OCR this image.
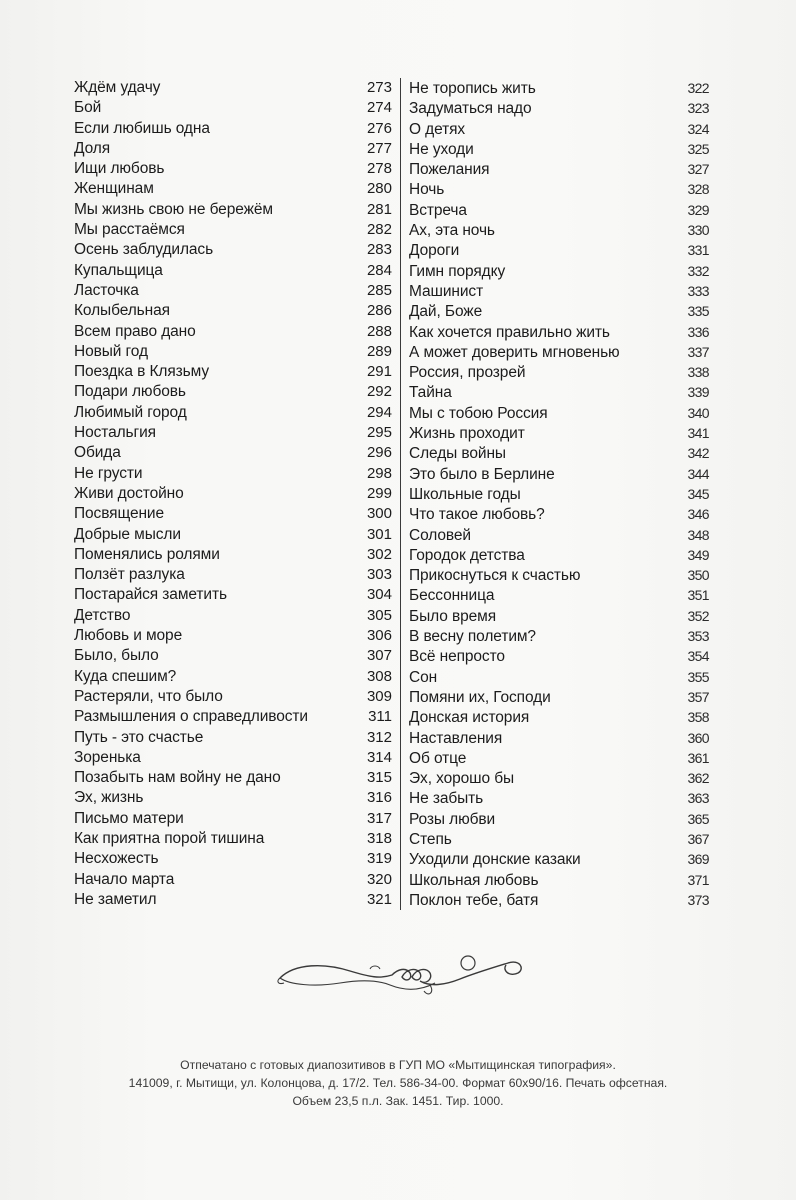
Ждём удачу	273
Бой	274
Если любишь одна	276
Доля	277
Ищи любовь	278
Женщинам	280
Мы жизнь свою не бережём	281
Мы расстаёмся	282
Осень заблудилась	283
Купальщица	284
Ласточка	285
Колыбельная	286
Всем право дано	288
Новый год	289
Поездка в Клязьму	291
Подари любовь	292
Любимый город	294
Ностальгия	295
Обида	296
Не грусти	298
Живи достойно	299
Посвящение	300
Добрые мысли	301
Поменялись ролями	302
Ползёт разлука	303
Постарайся заметить	304
Детство	305
Любовь и море	306
Было, было	307
Куда спешим?	308
Растеряли, что было	309
Размышления о справедливости	311
Путь - это счастье	312
Зоренька	314
Позабыть нам войну не дано	315
Эх, жизнь	316
Письмо матери	317
Как приятна порой тишина	318
Несхожесть	319
Начало марта	320
Не заметил	321
Не торопись жить	322
Задуматься надо	323
О детях	324
Не уходи	325
Пожелания	327
Ночь	328
Встреча	329
Ах, эта ночь	330
Дороги	331
Гимн порядку	332
Машинист	333
Дай, Боже	335
Как хочется правильно жить	336
А может доверить мгновенью	337
Россия, прозрей	338
Тайна	339
Мы с тобою Россия	340
Жизнь проходит	341
Следы войны	342
Это было в Берлине	344
Школьные годы	345
Что такое любовь?	346
Соловей	348
Городок детства	349
Прикоснуться к счастью	350
Бессонница	351
Было время	352
В весну полетим?	353
Всё непросто	354
Сон	355
Помяни их, Господи	357
Донская история	358
Наставления	360
Об отце	361
Эх, хорошо бы	362
Не забыть	363
Розы любви	365
Степь	367
Уходили донские казаки	369
Школьная любовь	371
Поклон тебе, батя	373
Отпечатано с готовых диапозитивов в ГУП МО «Мытищинская типография».
141009, г. Мытищи, ул. Колонцова, д. 17/2. Тел. 586-34-00. Формат 60x90/16. Печать офсетная.
Объем 23,5 п.л. Зак. 1451. Тир. 1000.
